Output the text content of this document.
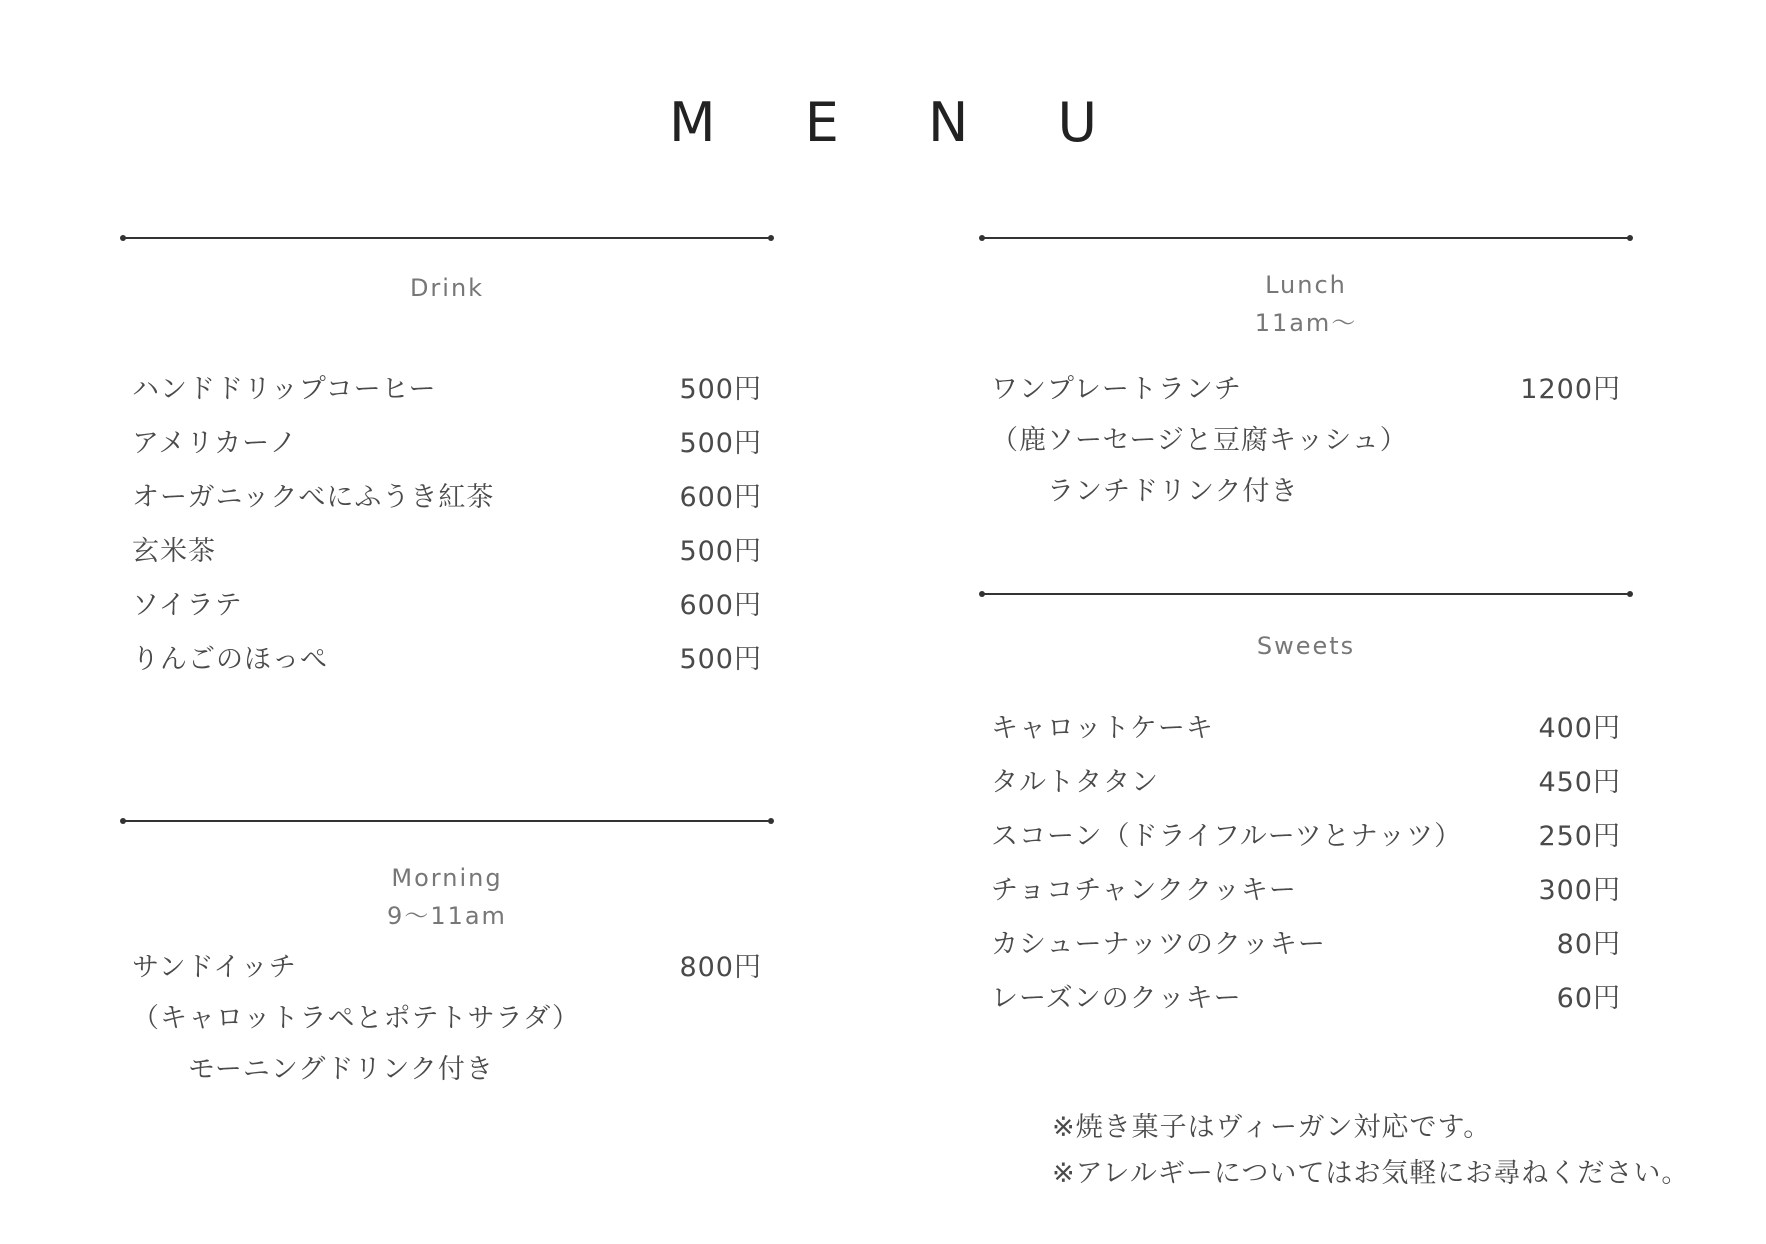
M E N U
Drink
ハンドドリップコーヒー	500円
アメリカーノ	500円
オーガニックべにふうき紅茶	600円
玄米茶	500円
ソイラテ	600円
りんごのほっぺ	500円
Morning
9〜11am
サンドイッチ	800円
（キャロットラペとポテトサラダ）
モーニングドリンク付き
Lunch
11am〜
ワンプレートランチ	1200円
（鹿ソーセージと豆腐キッシュ）
ランチドリンク付き
Sweets
キャロットケーキ	400円
タルトタタン	450円
スコーン（ドライフルーツとナッツ）	250円
チョコチャンククッキー	300円
カシューナッツのクッキー	80円
レーズンのクッキー	60円
※焼き菓子はヴィーガン対応です。
※アレルギーについてはお気軽にお尋ねください。
